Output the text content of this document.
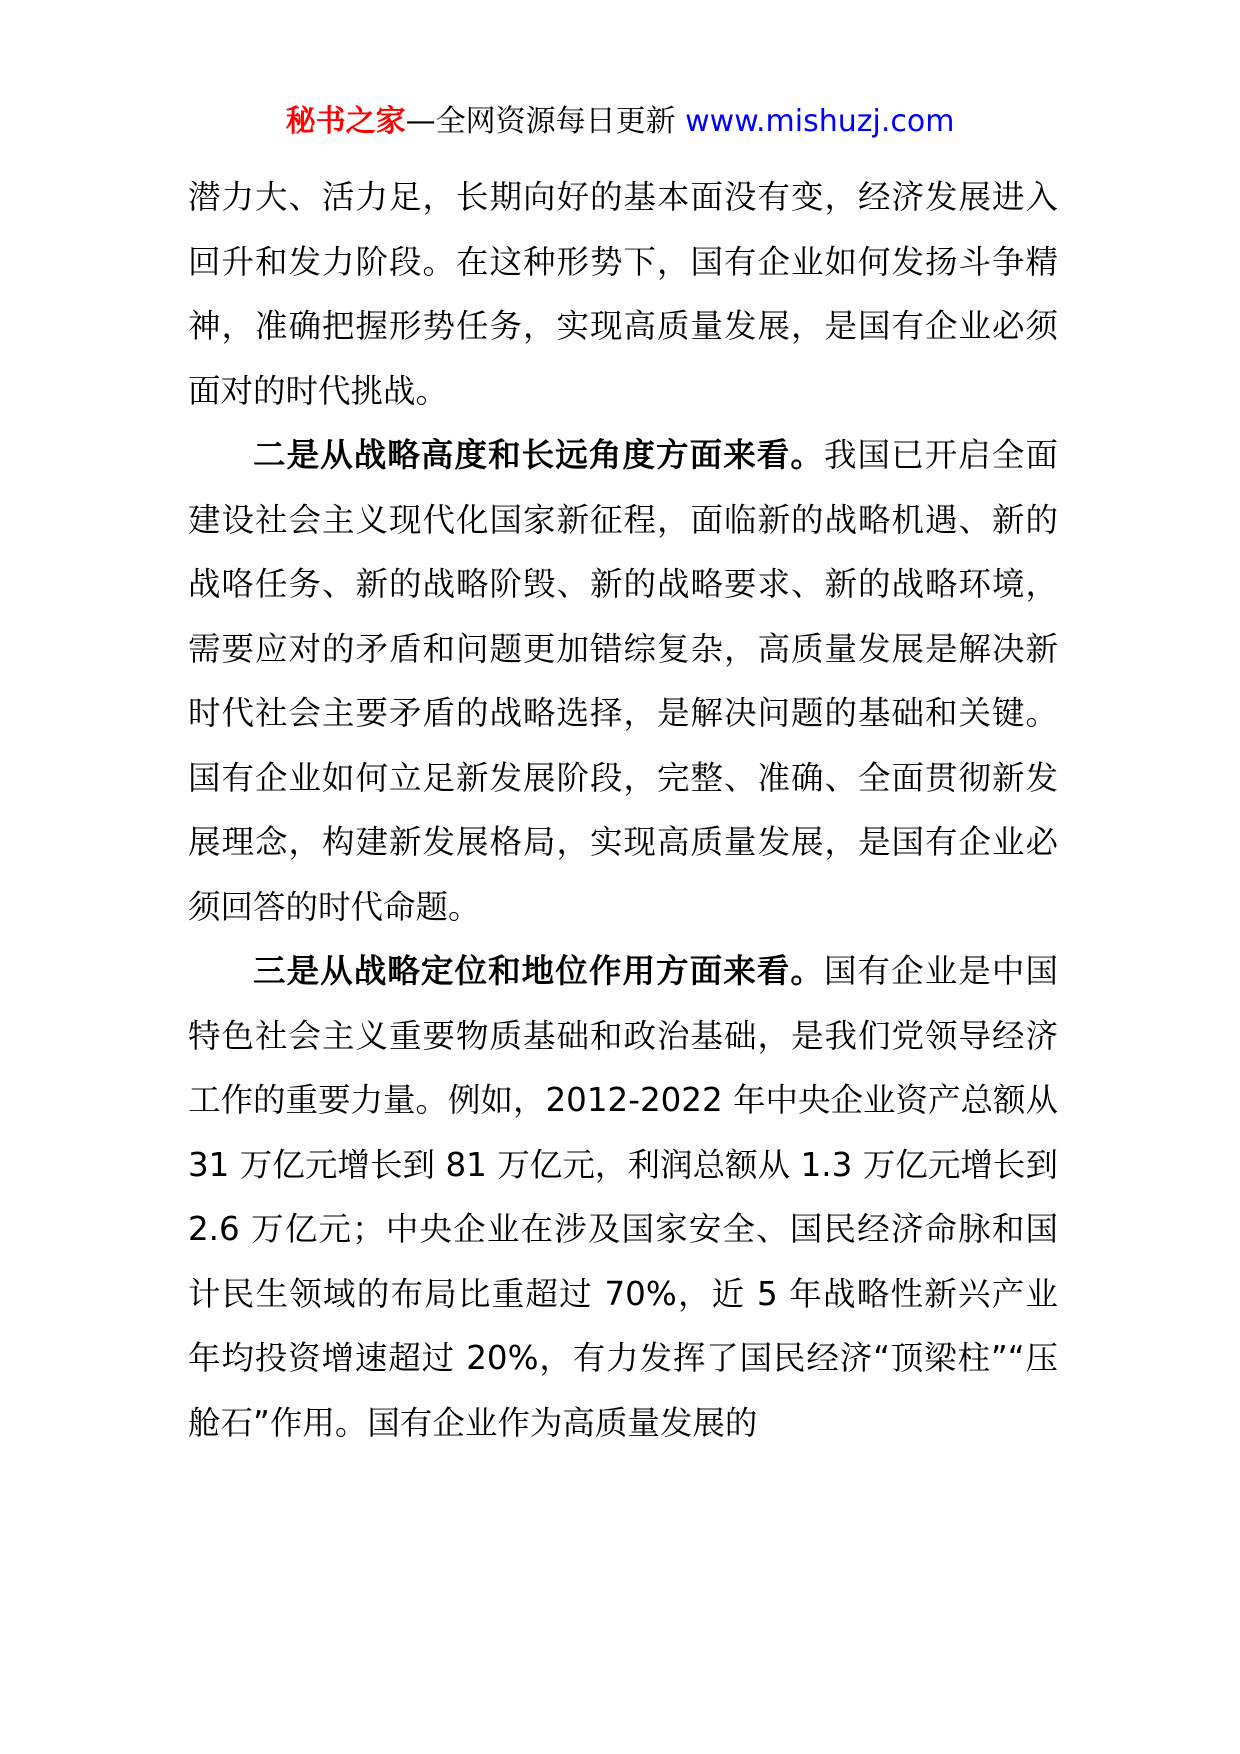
秘书之家—全网资源每日更新 www.mishuzj.com

潜力大、活力足，长期向好的基本面没有变，经济发展进入回升和发力阶段。在这种形势下，国有企业如何发扬斗争精神，准确把握形势任务，实现高质量发展，是国有企业必须面对的时代挑战。

二是从战略高度和长远角度方面来看。我国已开启全面建设社会主义现代化国家新征程，面临新的战略机遇、新的战咯任务、新的战略阶毁、新的战略要求、新的战略环境，需要应对的矛盾和问题更加错综复杂，高质量发展是解决新时代社会主要矛盾的战略选择，是解决问题的基础和关键。国有企业如何立足新发展阶段，完整、准确、全面贯彻新发展理念，构建新发展格局，实现高质量发展，是国有企业必须回答的时代命题。

三是从战略定位和地位作用方面来看。国有企业是中国特色社会主义重要物质基础和政治基础，是我们党领导经济工作的重要力量。例如，2012-2022 年中央企业资产总额从 31 万亿元增长到 81 万亿元，利润总额从 1.3 万亿元增长到 2.6 万亿元；中央企业在涉及国家安全、国民经济命脉和国计民生领域的布局比重超过 70%，近 5 年战略性新兴产业年均投资增速超过 20%，有力发挥了国民经济“顶梁柱”“压舱石”作用。国有企业作为高质量发展的
